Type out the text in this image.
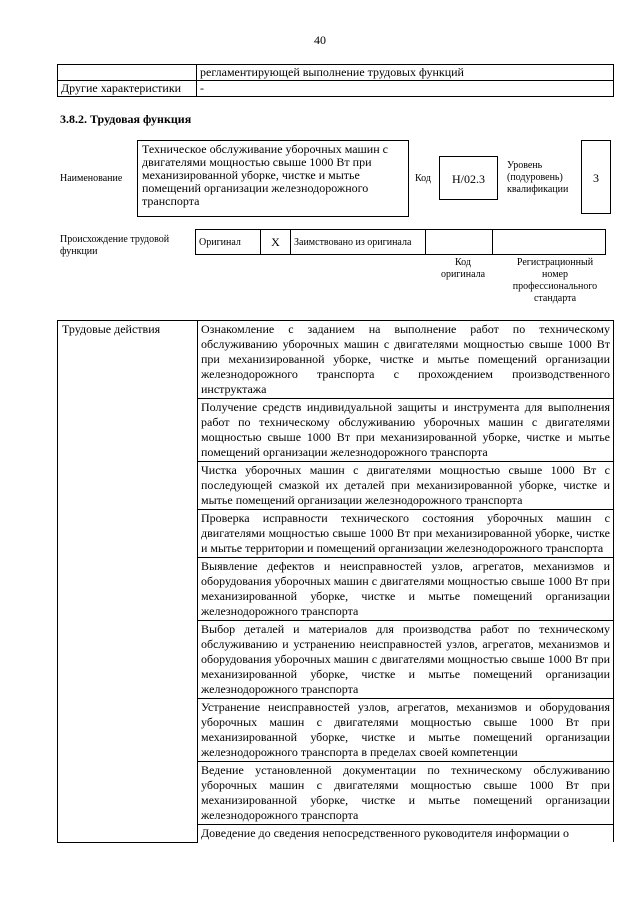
40
	регламентирующей выполнение трудовых функций
Другие характеристики	-
3.8.2. Трудовая функция
Наименование
Техническое обслуживание уборочных машин с двигателями мощностью свыше 1000 Вт при механизированной уборке, чистке и мытье помещений организации железнодорожного транспорта
Код	H/02.3
Уровень (подуровень) квалификации
3
Происхождение трудовой функции
Оригинал	X	Заимствовано из оригинала		
Код оригинала
Регистрационный номер профессионального стандарта
Трудовые действия	Ознакомление с заданием на выполнение работ по техническому обслуживанию уборочных машин с двигателями мощностью свыше 1000 Вт при механизированной уборке, чистке и мытье помещений организации железнодорожного транспорта с прохождением производственного инструктажа
Получение средств индивидуальной защиты и инструмента для выполнения работ по техническому обслуживанию уборочных машин с двигателями мощностью свыше 1000 Вт при механизированной уборке, чистке и мытье помещений организации железнодорожного транспорта
Чистка уборочных машин с двигателями мощностью свыше 1000 Вт с последующей смазкой их деталей при механизированной уборке, чистке и мытье помещений организации железнодорожного транспорта
Проверка исправности технического состояния уборочных машин с двигателями мощностью свыше 1000 Вт при механизированной уборке, чистке и мытье территории и помещений организации железнодорожного транспорта
Выявление дефектов и неисправностей узлов, агрегатов, механизмов и оборудования уборочных машин с двигателями мощностью свыше 1000 Вт при механизированной уборке, чистке и мытье помещений организации железнодорожного транспорта
Выбор деталей и материалов для производства работ по техническому обслуживанию и устранению неисправностей узлов, агрегатов, механизмов и оборудования уборочных машин с двигателями мощностью свыше 1000 Вт при механизированной уборке, чистке и мытье помещений организации железнодорожного транспорта
Устранение неисправностей узлов, агрегатов, механизмов и оборудования уборочных машин с двигателями мощностью свыше 1000 Вт при механизированной уборке, чистке и мытье помещений организации железнодорожного транспорта в пределах своей компетенции
Ведение установленной документации по техническому обслуживанию уборочных машин с двигателями мощностью свыше 1000 Вт при механизированной уборке, чистке и мытье помещений организации железнодорожного транспорта
Доведение до сведения непосредственного руководителя информации о
